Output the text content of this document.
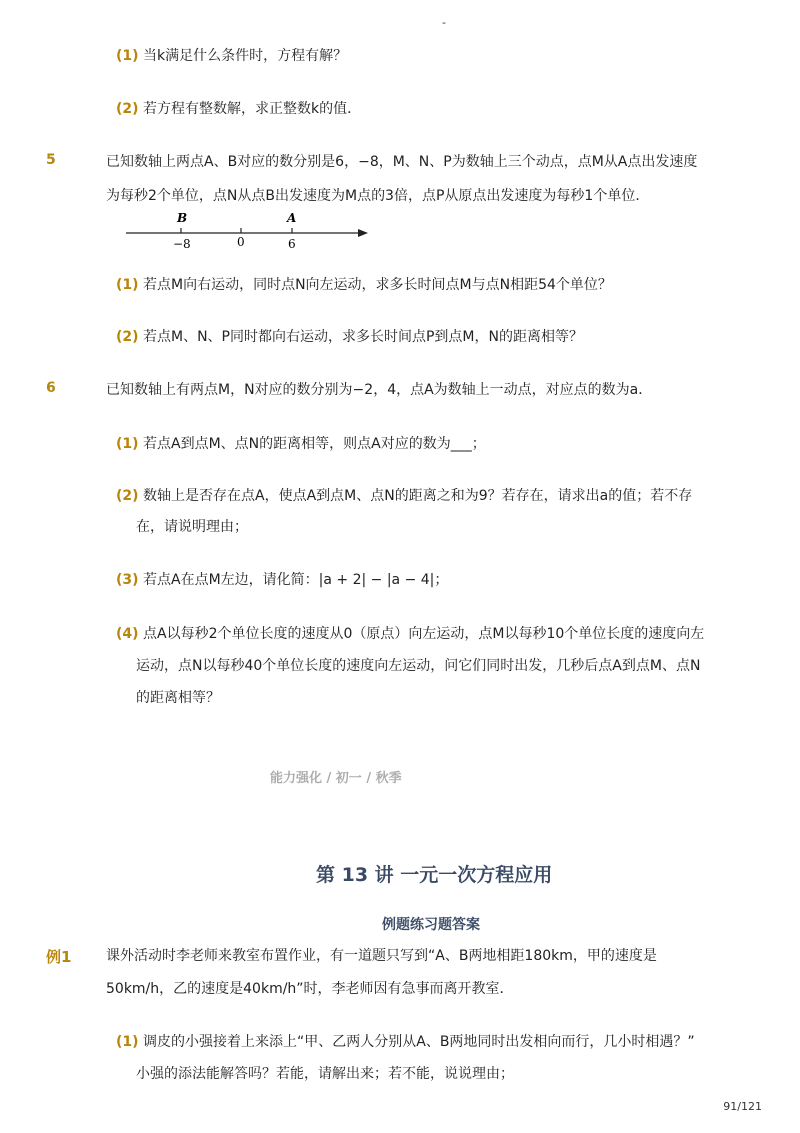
-
(1) 当k满足什么条件时，方程有解？
(2) 若方程有整数解，求正整数k的值．
5	已知数轴上两点A、B对应的数分别是6，−8，M、N、P为数轴上三个动点，点M从A点出发速度
为每秒2个单位，点N从点B出发速度为M点的3倍，点P从原点出发速度为每秒1个单位．
B	A
−8	0	6
(1) 若点M向右运动，同时点N向左运动，求多长时间点M与点N相距54个单位？
(2) 若点M、N、P同时都向右运动，求多长时间点P到点M，N的距离相等？
6	已知数轴上有两点M，N对应的数分别为−2，4，点A为数轴上一动点，对应点的数为a．
(1) 若点A到点M、点N的距离相等，则点A对应的数为___；
(2) 数轴上是否存在点A，使点A到点M、点N的距离之和为9？若存在，请求出a的值；若不存
在，请说明理由；
(3) 若点A在点M左边，请化简：|a + 2| − |a − 4|；
(4) 点A以每秒2个单位长度的速度从0（原点）向左运动，点M以每秒10个单位长度的速度向左
运动，点N以每秒40个单位长度的速度向左运动，问它们同时出发，几秒后点A到点M、点N
的距离相等？
能力强化 / 初一 / 秋季
第 13 讲 一元一次方程应用
例题练习题答案
例1 课外活动时李老师来教室布置作业，有一道题只写到“A、B两地相距180km，甲的速度是
50km/h，乙的速度是40km/h”时，李老师因有急事而离开教室．
(1) 调皮的小强接着上来添上“甲、乙两人分别从A、B两地同时出发相向而行，几小时相遇？”
小强的添法能解答吗？若能，请解出来；若不能，说说理由；
91/121
